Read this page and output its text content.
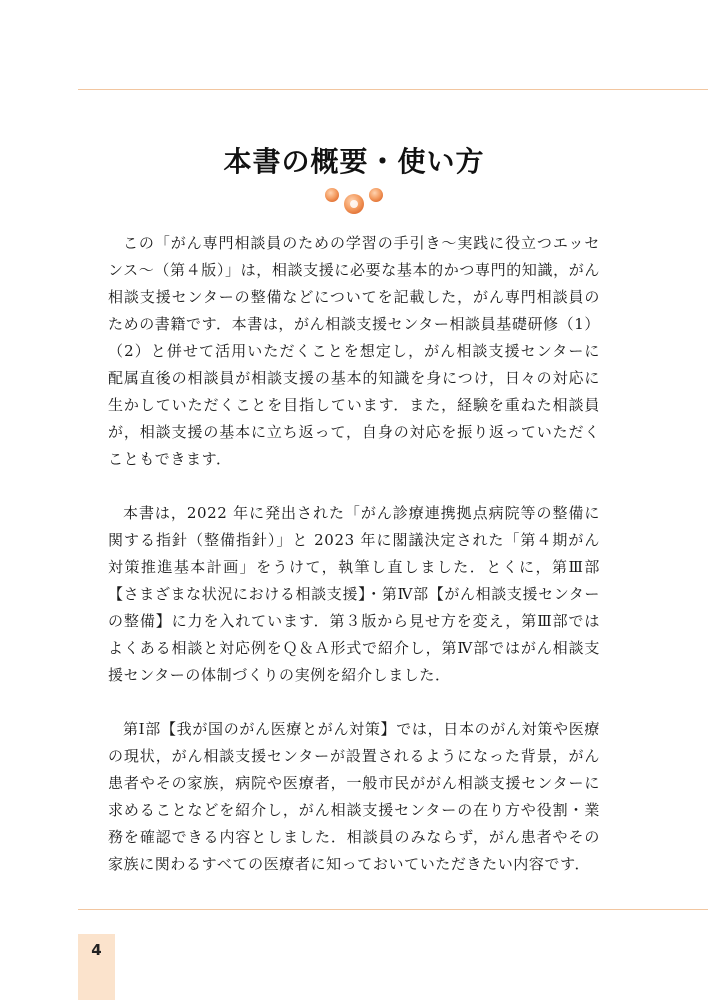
本書の概要・使い方

この「がん専門相談員のための学習の手引き～実践に役立つエッセンス～（第４版）」は，相談支援に必要な基本的かつ専門的知識，がん相談支援センターの整備などについてを記載した，がん専門相談員のための書籍です．本書は，がん相談支援センター相談員基礎研修（1）（2）と併せて活用いただくことを想定し，がん相談支援センターに配属直後の相談員が相談支援の基本的知識を身につけ，日々の対応に生かしていただくことを目指しています．また，経験を重ねた相談員が，相談支援の基本に立ち返って，自身の対応を振り返っていただくこともできます．

本書は，2022 年に発出された「がん診療連携拠点病院等の整備に関する指針（整備指針）」と 2023 年に閣議決定された「第４期がん対策推進基本計画」をうけて，執筆し直しました．とくに，第Ⅲ部【さまざまな状況における相談支援】・第Ⅳ部【がん相談支援センターの整備】に力を入れています．第３版から見せ方を変え，第Ⅲ部ではよくある相談と対応例をＱ＆Ａ形式で紹介し，第Ⅳ部ではがん相談支援センターの体制づくりの実例を紹介しました．

第Ⅰ部【我が国のがん医療とがん対策】では，日本のがん対策や医療の現状，がん相談支援センターが設置されるようになった背景，がん患者やその家族，病院や医療者，一般市民ががん相談支援センターに求めることなどを紹介し，がん相談支援センターの在り方や役割・業務を確認できる内容としました．相談員のみならず，がん患者やその家族に関わるすべての医療者に知っておいていただきたい内容です．

4
